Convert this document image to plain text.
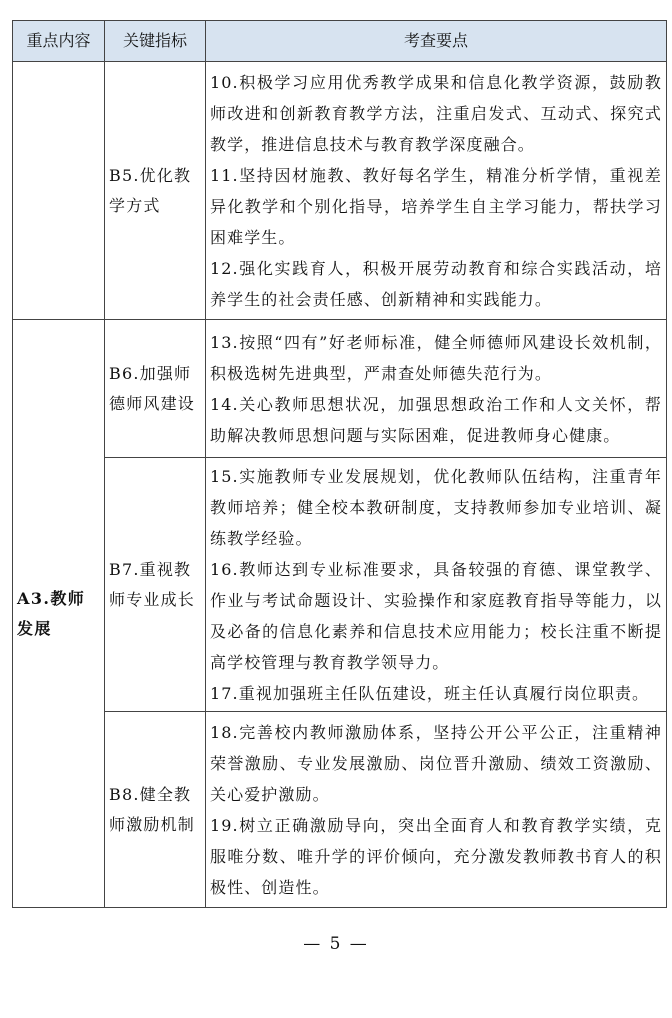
重点内容	关键指标	考查要点
	B5.优化教学方式	10.积极学习应用优秀教学成果和信息化教学资源，鼓励教师改进和创新教育教学方法，注重启发式、互动式、探究式教学，推进信息技术与教育教学深度融合。
11.坚持因材施教、教好每名学生，精准分析学情，重视差异化教学和个别化指导，培养学生自主学习能力，帮扶学习困难学生。
12.强化实践育人，积极开展劳动教育和综合实践活动，培养学生的社会责任感、创新精神和实践能力。

A3.教师发展	B6.加强师德师风建设	13.按照“四有”好老师标准，健全师德师风建设长效机制，积极选树先进典型，严肃查处师德失范行为。
14.关心教师思想状况，加强思想政治工作和人文关怀，帮助解决教师思想问题与实际困难，促进教师身心健康。

	B7.重视教师专业成长	15.实施教师专业发展规划，优化教师队伍结构，注重青年教师培养；健全校本教研制度，支持教师参加专业培训、凝练教学经验。
16.教师达到专业标准要求，具备较强的育德、课堂教学、作业与考试命题设计、实验操作和家庭教育指导等能力，以及必备的信息化素养和信息技术应用能力；校长注重不断提高学校管理与教育教学领导力。
17.重视加强班主任队伍建设，班主任认真履行岗位职责。

	B8.健全教师激励机制	18.完善校内教师激励体系，坚持公开公平公正，注重精神荣誉激励、专业发展激励、岗位晋升激励、绩效工资激励、关心爱护激励。
19.树立正确激励导向，突出全面育人和教育教学实绩，克服唯分数、唯升学的评价倾向，充分激发教师教书育人的积极性、创造性。
— 5 —
